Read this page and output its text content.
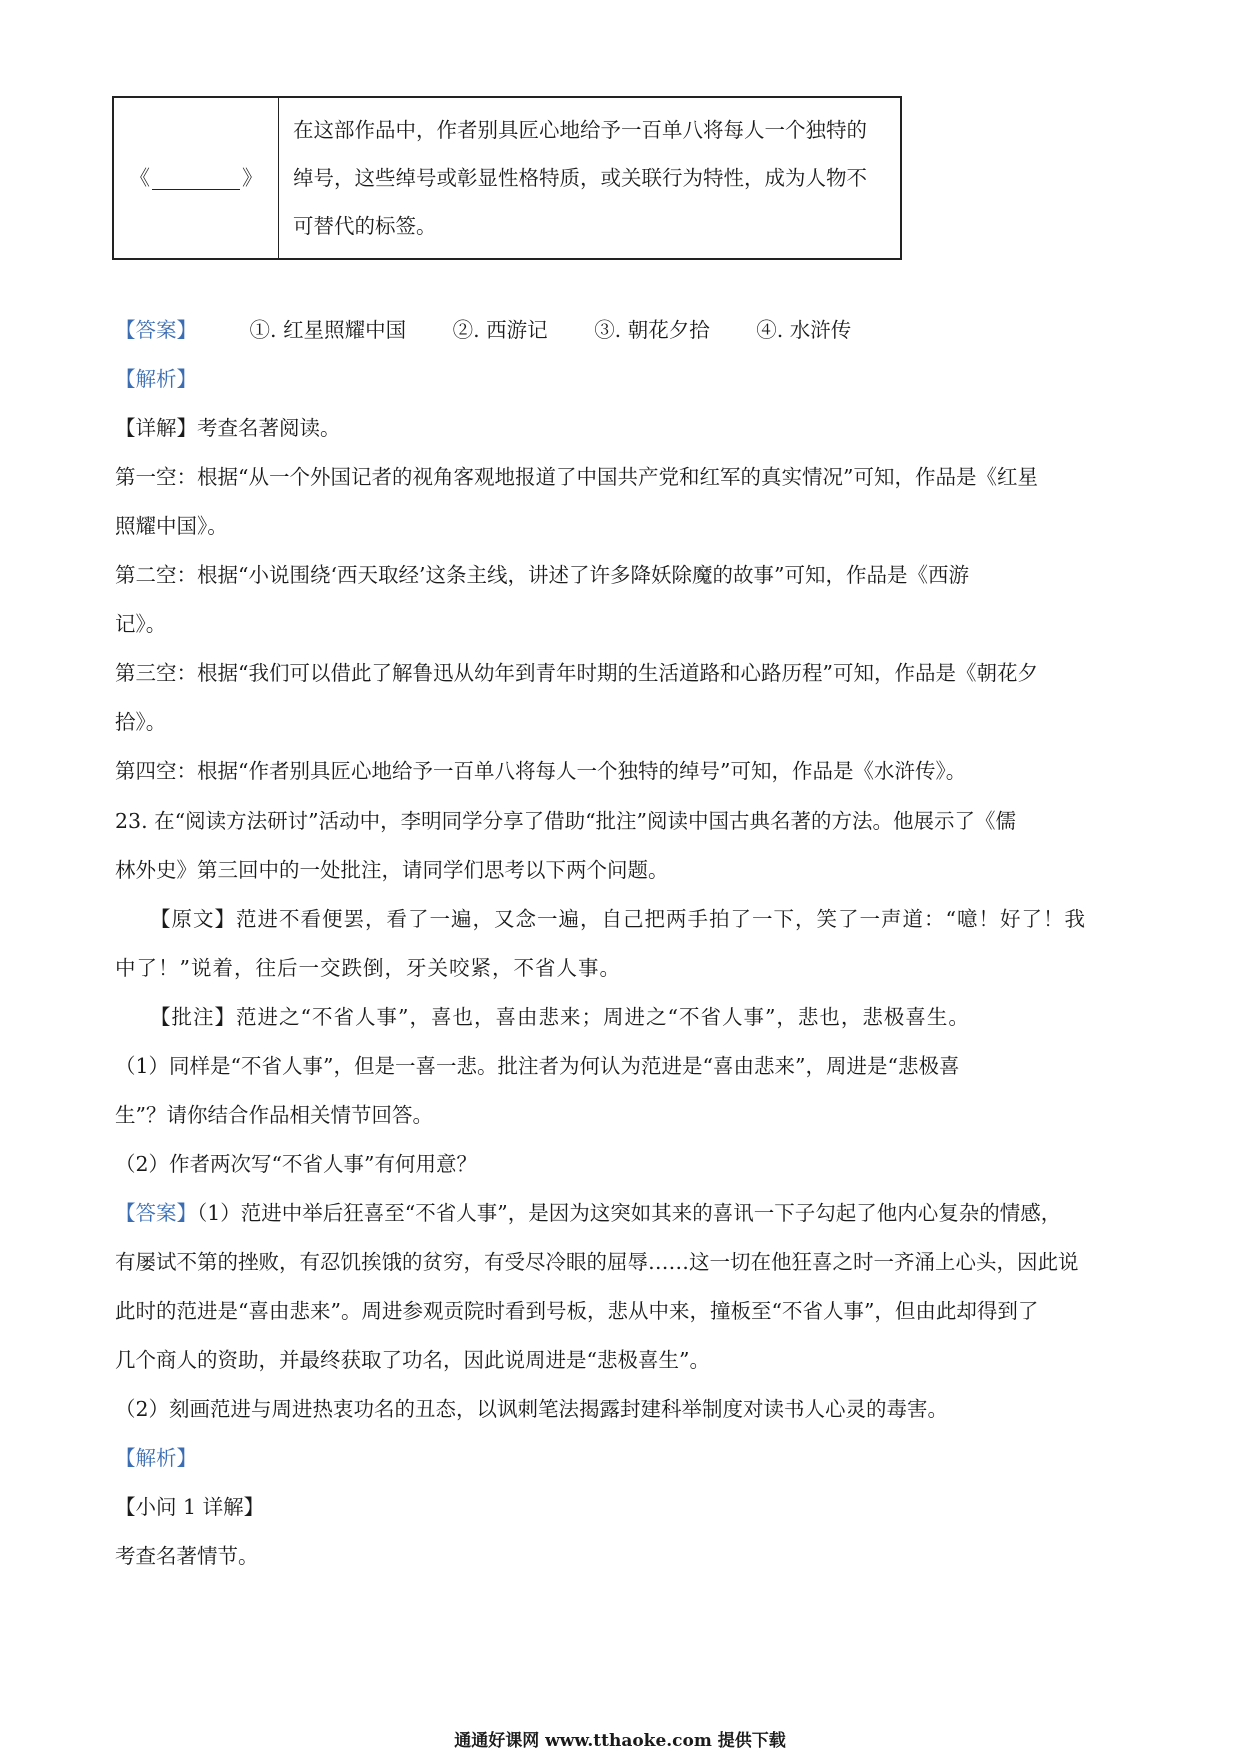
《	》	在这部作品中，作者别具匠心地给予一百单八将每人一个独特的绰号，这些绰号或彰显性格特质，或关联行为特性，成为人物不可替代的标签。
【答案】	①. 红星照耀中国 ②. 西游记 ③. 朝花夕拾 ④. 水浒传
【解析】
【详解】考查名著阅读。
第一空：根据“从一个外国记者的视角客观地报道了中国共产党和红军的真实情况”可知，作品是《红星
照耀中国》。
第二空：根据“小说围绕‘西天取经’这条主线，讲述了许多降妖除魔的故事”可知，作品是《西游
记》。
第三空：根据“我们可以借此了解鲁迅从幼年到青年时期的生活道路和心路历程”可知，作品是《朝花夕
拾》。
第四空：根据“作者别具匠心地给予一百单八将每人一个独特的绰号”可知，作品是《水浒传》。
23. 在“阅读方法研讨”活动中，李明同学分享了借助“批注”阅读中国古典名著的方法。他展示了《儒
林外史》第三回中的一处批注，请同学们思考以下两个问题。
【原文】范进不看便罢，看了一遍，又念一遍，自己把两手拍了一下，笑了一声道：“噫！好了！我
中了！”说着，往后一交跌倒，牙关咬紧，不省人事。
【批注】范进之“不省人事”，喜也，喜由悲来；周进之“不省人事”，悲也，悲极喜生。
（1）同样是“不省人事”，但是一喜一悲。批注者为何认为范进是“喜由悲来”，周进是“悲极喜
生”？请你结合作品相关情节回答。
（2）作者两次写“不省人事”有何用意？
【答案】（1）范进中举后狂喜至“不省人事”，是因为这突如其来的喜讯一下子勾起了他内心复杂的情感，
有屡试不第的挫败，有忍饥挨饿的贫穷，有受尽冷眼的屈辱……这一切在他狂喜之时一齐涌上心头，因此说
此时的范进是“喜由悲来”。周进参观贡院时看到号板，悲从中来，撞板至“不省人事”，但由此却得到了
几个商人的资助，并最终获取了功名，因此说周进是“悲极喜生”。
（2）刻画范进与周进热衷功名的丑态，以讽刺笔法揭露封建科举制度对读书人心灵的毒害。
【解析】
【小问 1 详解】
考查名著情节。
通通好课网 www.tthaoke.com 提供下载
